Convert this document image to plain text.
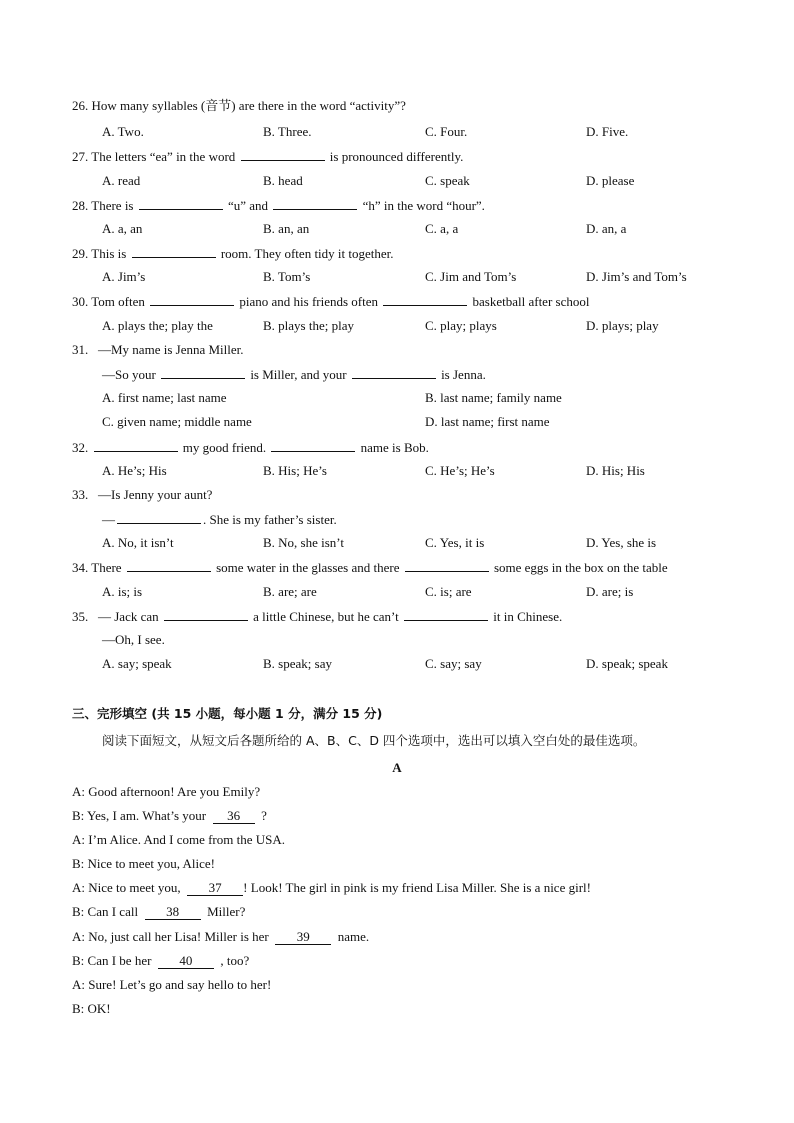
26. How many syllables (音节) are there in the word “activity”?
A. Two.	B. Three.	C. Four.	D. Five.
27. The letters “ea” in the word	is pronounced differently.
A. read	B. head	C. speak	D. please
28. There is	“u” and	“h” in the word “hour”.
A. a, an	B. an, an	C. a, a	D. an, a
29. This is	room. They often tidy it together.
A. Jim’s	B. Tom’s	C. Jim and Tom’s	D. Jim’s and Tom’s
30. Tom often	piano and his friends often	basketball after school
A. plays the; play the	B. plays the; play	C. play; plays	D. plays; play
31.   —My name is Jenna Miller.
—So your	is Miller, and your	is Jenna.
A. first name; last name	B. last name; family name
C. given name; middle name	D. last name; first name
32.	my good friend.	name is Bob.
A. He’s; His	B. His; He’s	C. He’s; He’s	D. His; His
33.   —Is Jenny your aunt?
—	. She is my father’s sister.
A. No, it isn’t	B. No, she isn’t	C. Yes, it is	D. Yes, she is
34. There	some water in the glasses and there	some eggs in the box on the table
A. is; is	B. are; are	C. is; are	D. are; is
35.   — Jack can	a little Chinese, but he can’t	it in Chinese.
—Oh, I see.
A. say; speak	B. speak; say	C. say; say	D. speak; speak
三、完形填空 (共 15 小题，每小题 1 分，满分 15 分)
阅读下面短文，从短文后各题所给的 A、B、C、D 四个选项中，选出可以填入空白处的最佳选项。
A
A: Good afternoon! Are you Emily?
B: Yes, I am. What’s your 36 ?
A: I’m Alice. And I come from the USA.
B: Nice to meet you, Alice!
A: Nice to meet you, 37 ! Look! The girl in pink is my friend Lisa Miller. She is a nice girl!
B: Can I call 38 Miller?
A: No, just call her Lisa! Miller is her 39 name.
B: Can I be her 40 , too?
A: Sure! Let’s go and say hello to her!
B: OK!
